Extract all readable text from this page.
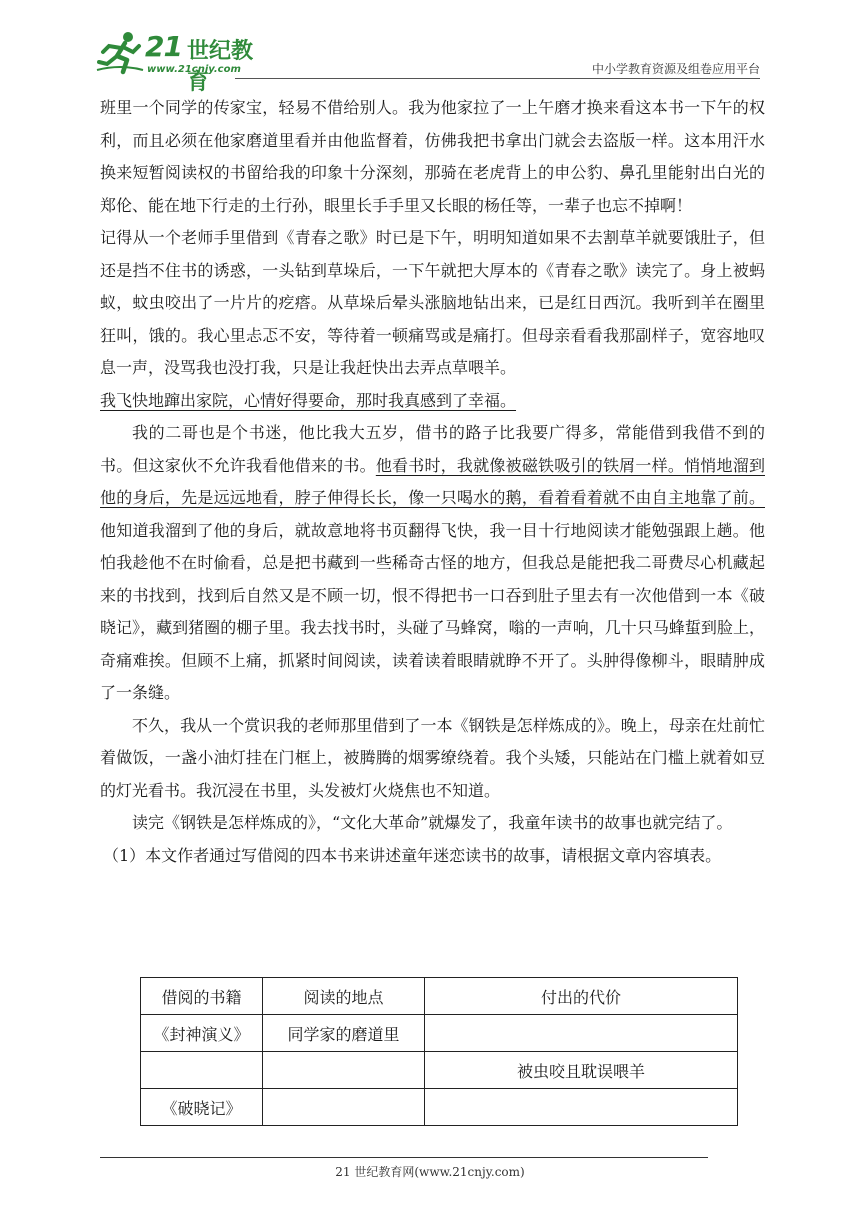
21 世纪教育
www.21cnjy.com	中小学教育资源及组卷应用平台

班里一个同学的传家宝，轻易不借给别人。我为他家拉了一上午磨才换来看这本书一下午的权利，而且必须在他家磨道里看并由他监督着，仿佛我把书拿出门就会去盗版一样。这本用汗水换来短暂阅读权的书留给我的印象十分深刻，那骑在老虎背上的申公豹、鼻孔里能射出白光的郑伦、能在地下行走的土行孙，眼里长手手里又长眼的杨任等，一辈子也忘不掉啊！

记得从一个老师手里借到《青春之歌》时已是下午，明明知道如果不去割草羊就要饿肚子，但还是挡不住书的诱惑，一头钻到草垛后，一下午就把大厚本的《青春之歌》读完了。身上被蚂蚁，蚊虫咬出了一片片的疙瘩。从草垛后晕头涨脑地钻出来，已是红日西沉。我听到羊在圈里狂叫，饿的。我心里忐忑不安，等待着一顿痛骂或是痛打。但母亲看看我那副样子，宽容地叹息一声，没骂我也没打我，只是让我赶快出去弄点草喂羊。
我飞快地蹿出家院，心情好得要命，那时我真感到了幸福。

我的二哥也是个书迷，他比我大五岁，借书的路子比我要广得多，常能借到我借不到的书。但这家伙不允许我看他借来的书。他看书时，我就像被磁铁吸引的铁屑一样。悄悄地溜到他的身后，先是远远地看，脖子伸得长长，像一只喝水的鹅，看着看着就不由自主地靠了前。他知道我溜到了他的身后，就故意地将书页翻得飞快，我一目十行地阅读才能勉强跟上趟。他怕我趁他不在时偷看，总是把书藏到一些稀奇古怪的地方，但我总是能把我二哥费尽心机藏起来的书找到，找到后自然又是不顾一切，恨不得把书一口吞到肚子里去有一次他借到一本《破晓记》，藏到猪圈的棚子里。我去找书时，头碰了马蜂窝，嗡的一声响，几十只马蜂蜇到脸上，奇痛难挨。但顾不上痛，抓紧时间阅读，读着读着眼睛就睁不开了。头肿得像柳斗，眼睛肿成了一条缝。

不久，我从一个赏识我的老师那里借到了一本《钢铁是怎样炼成的》。晚上，母亲在灶前忙着做饭，一盏小油灯挂在门框上，被腾腾的烟雾缭绕着。我个头矮，只能站在门槛上就着如豆的灯光看书。我沉浸在书里，头发被灯火烧焦也不知道。

读完《钢铁是怎样炼成的》，“文化大革命”就爆发了，我童年读书的故事也就完结了。

（1）本文作者通过写借阅的四本书来讲述童年迷恋读书的故事，请根据文章内容填表。

借阅的书籍	阅读的地点	付出的代价
《封神演义》	同学家的磨道里	
		被虫咬且耽误喂羊
《破晓记》		
21 世纪教育网(www.21cnjy.com)
